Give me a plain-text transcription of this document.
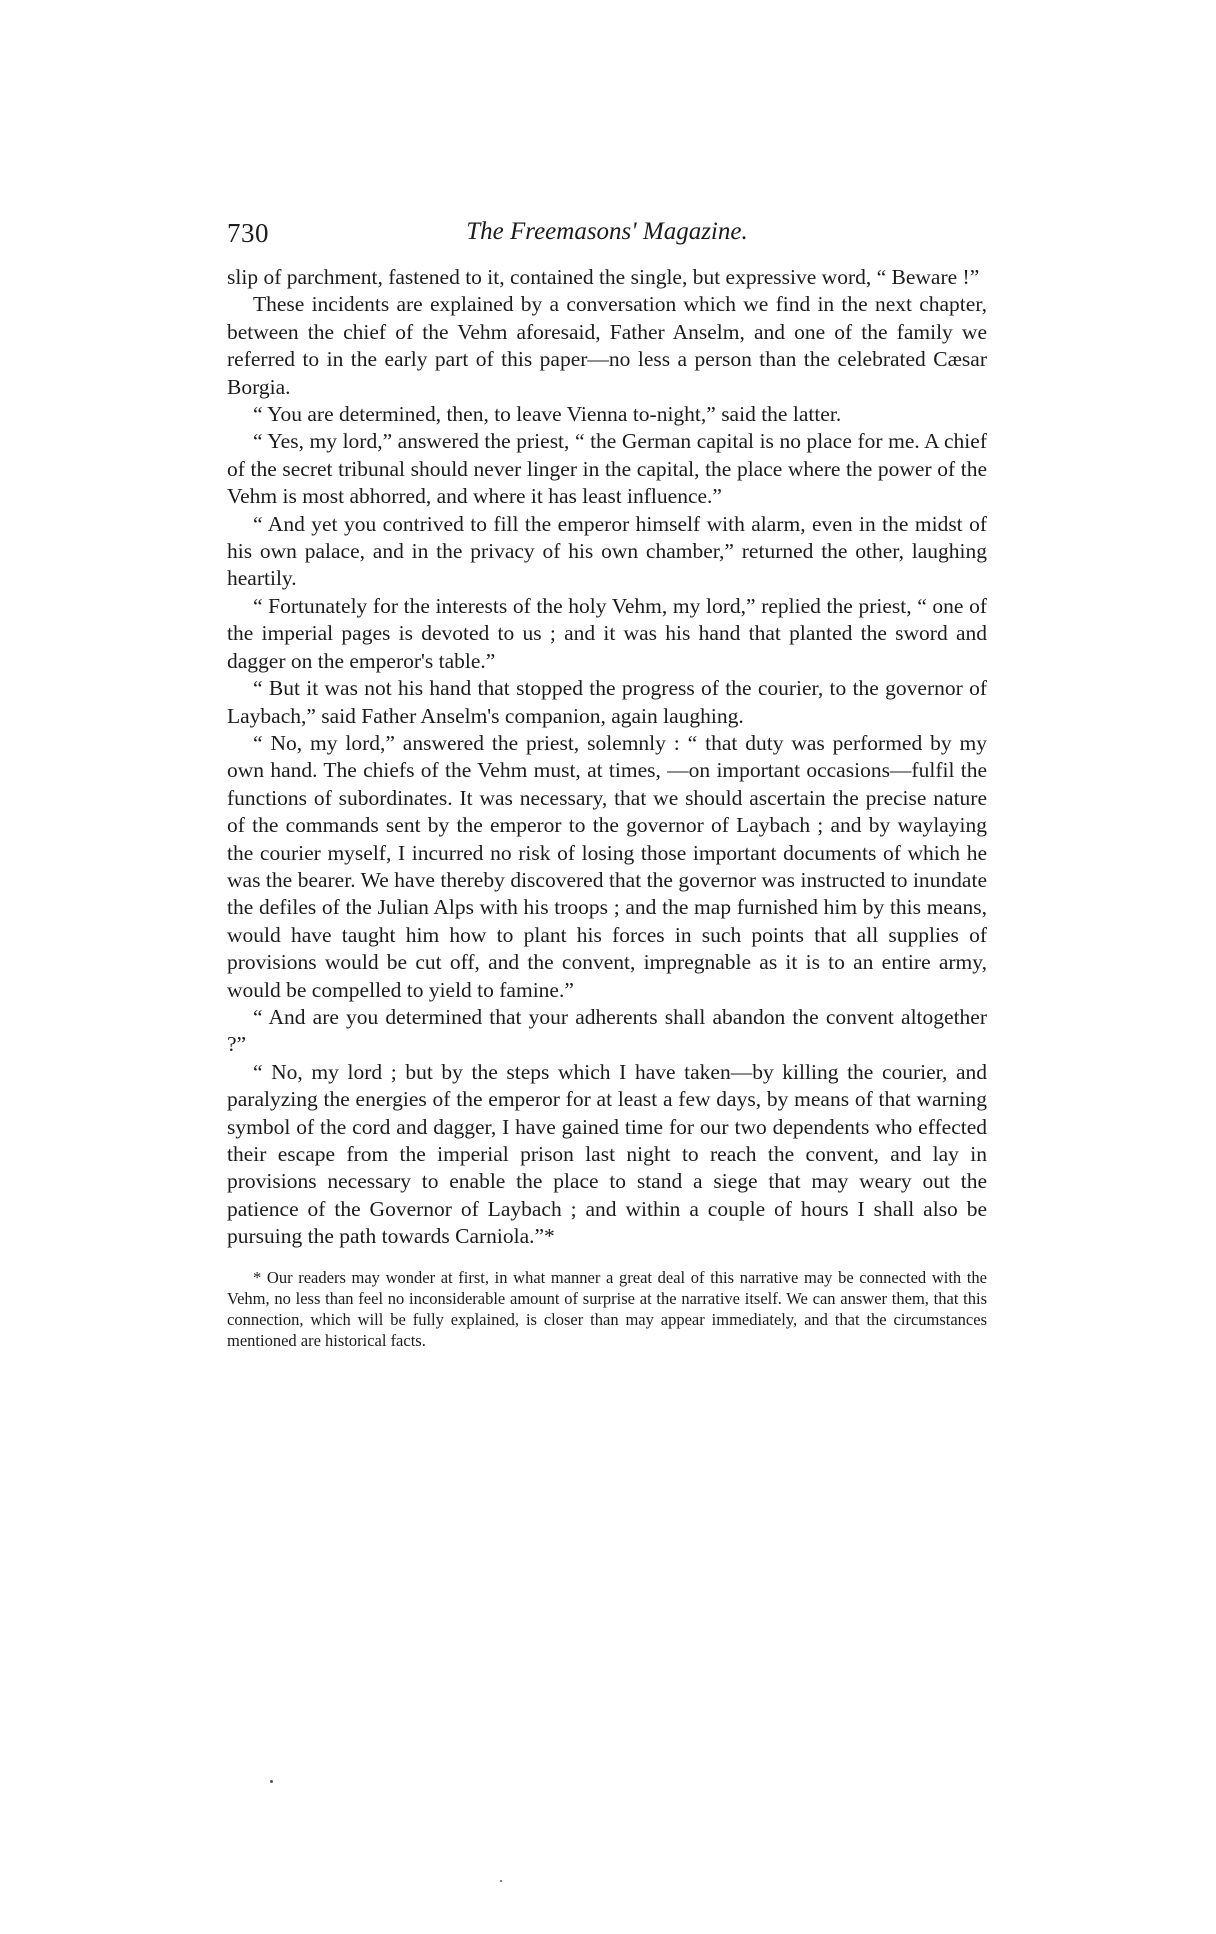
730	The Freemasons' Magazine.

slip of parchment, fastened to it, contained the single, but expressive word, “ Beware !”

These incidents are explained by a conversation which we find in the next chapter, between the chief of the Vehm aforesaid, Father Anselm, and one of the family we referred to in the early part of this paper—no less a person than the celebrated Cæsar Borgia.

“ You are determined, then, to leave Vienna to-night,” said the latter.

“ Yes, my lord,” answered the priest, “ the German capital is no place for me. A chief of the secret tribunal should never linger in the capital, the place where the power of the Vehm is most abhorred, and where it has least influence.”

“ And yet you contrived to fill the emperor himself with alarm, even in the midst of his own palace, and in the privacy of his own chamber,” returned the other, laughing heartily.

“ Fortunately for the interests of the holy Vehm, my lord,” replied the priest, “ one of the imperial pages is devoted to us ; and it was his hand that planted the sword and dagger on the emperor's table.”

“ But it was not his hand that stopped the progress of the courier, to the governor of Laybach,” said Father Anselm's companion, again laughing.

“ No, my lord,” answered the priest, solemnly : “ that duty was performed by my own hand. The chiefs of the Vehm must, at times, —on important occasions—fulfil the functions of subordinates. It was necessary, that we should ascertain the precise nature of the commands sent by the emperor to the governor of Laybach ; and by waylaying the courier myself, I incurred no risk of losing those important documents of which he was the bearer. We have thereby discovered that the governor was instructed to inundate the defiles of the Julian Alps with his troops ; and the map furnished him by this means, would have taught him how to plant his forces in such points that all supplies of provisions would be cut off, and the convent, impregnable as it is to an entire army, would be compelled to yield to famine.”

“ And are you determined that your adherents shall abandon the convent altogether ?”

“ No, my lord ; but by the steps which I have taken—by killing the courier, and paralyzing the energies of the emperor for at least a few days, by means of that warning symbol of the cord and dagger, I have gained time for our two dependents who effected their escape from the imperial prison last night to reach the convent, and lay in provisions necessary to enable the place to stand a siege that may weary out the patience of the Governor of Laybach ; and within a couple of hours I shall also be pursuing the path towards Carniola.”*

* Our readers may wonder at first, in what manner a great deal of this narrative may be connected with the Vehm, no less than feel no inconsiderable amount of surprise at the narrative itself. We can answer them, that this connection, which will be fully explained, is closer than may appear immediately, and that the circumstances mentioned are historical facts.
